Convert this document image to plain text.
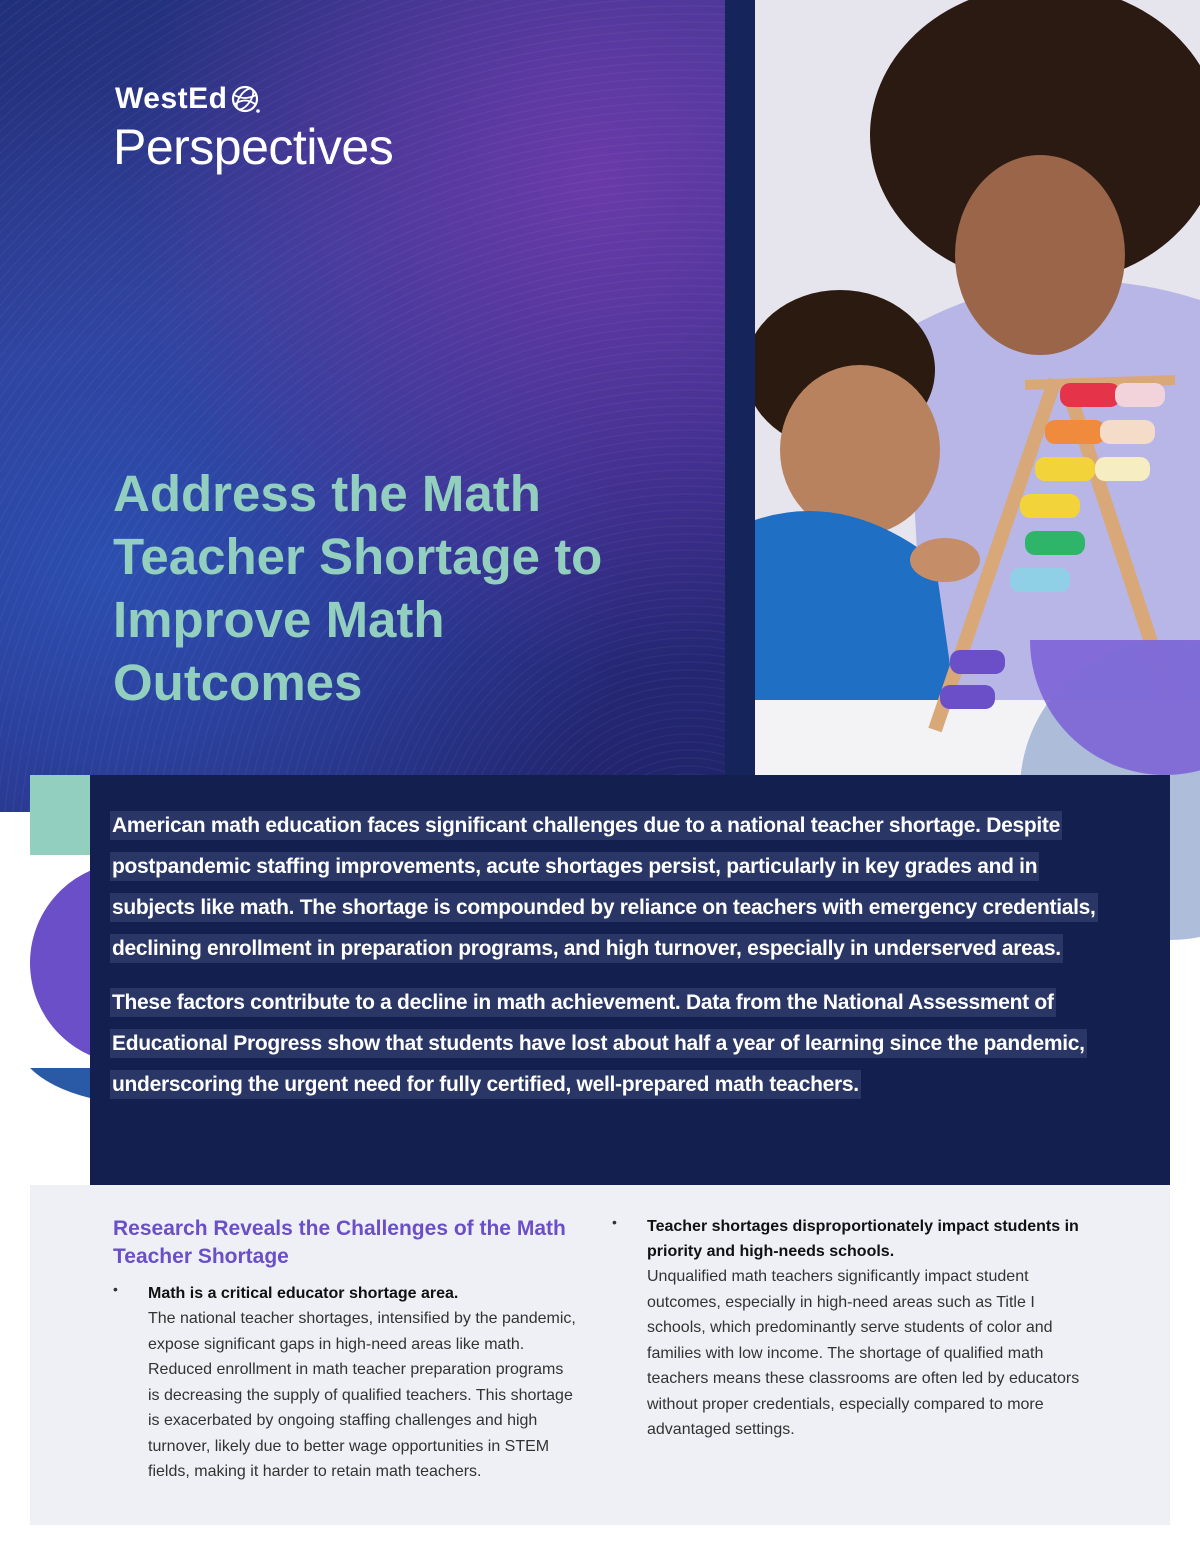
WestEd
Perspectives
Address the Math Teacher Shortage to Improve Math Outcomes

American math education faces significant challenges due to a national teacher shortage. Despite postpandemic staffing improvements, acute shortages persist, particularly in key grades and in subjects like math. The shortage is compounded by reliance on teachers with emergency credentials, declining enrollment in preparation programs, and high turnover, especially in underserved areas.

These factors contribute to a decline in math achievement. Data from the National Assessment of Educational Progress show that students have lost about half a year of learning since the pandemic, underscoring the urgent need for fully certified, well-prepared math teachers.

Research Reveals the Challenges of the Math Teacher Shortage
• Math is a critical educator shortage area.
The national teacher shortages, intensified by the pandemic, expose significant gaps in high-need areas like math. Reduced enrollment in math teacher preparation programs is decreasing the supply of qualified teachers. This shortage is exacerbated by ongoing staffing challenges and high turnover, likely due to better wage opportunities in STEM fields, making it harder to retain math teachers.
• Teacher shortages disproportionately impact students in priority and high-needs schools.
Unqualified math teachers significantly impact student outcomes, especially in high-need areas such as Title I schools, which predominantly serve students of color and families with low income. The shortage of qualified math teachers means these classrooms are often led by educators without proper credentials, especially compared to more advantaged settings.
